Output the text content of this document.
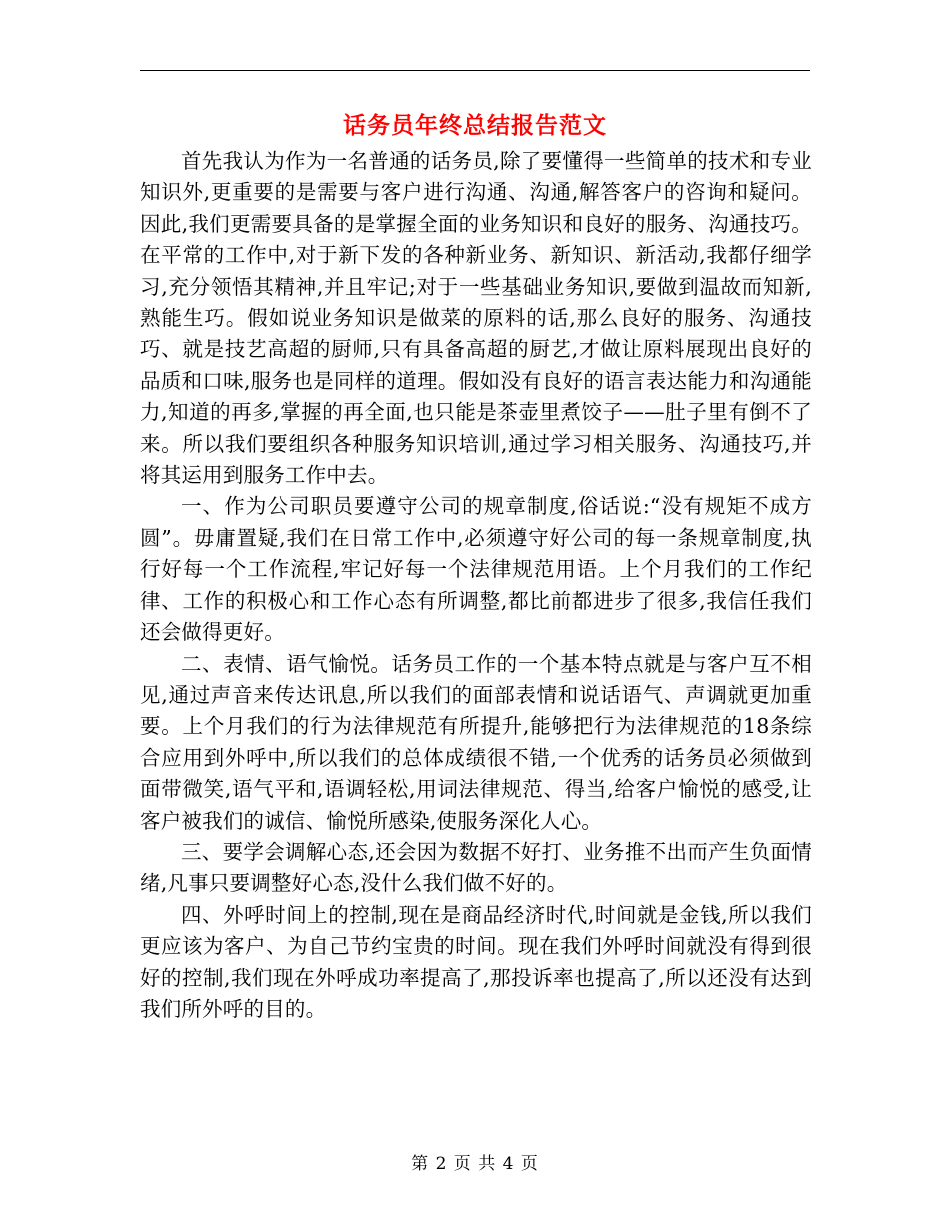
话务员年终总结报告范文

首先我认为作为一名普通的话务员,除了要懂得一些简单的技术和专业知识外,更重要的是需要与客户进行沟通、沟通,解答客户的咨询和疑问。因此,我们更需要具备的是掌握全面的业务知识和良好的服务、沟通技巧。在平常的工作中,对于新下发的各种新业务、新知识、新活动,我都仔细学习,充分领悟其精神,并且牢记;对于一些基础业务知识,要做到温故而知新,熟能生巧。假如说业务知识是做菜的原料的话,那么良好的服务、沟通技巧、就是技艺高超的厨师,只有具备高超的厨艺,才做让原料展现出良好的品质和口味,服务也是同样的道理。假如没有良好的语言表达能力和沟通能力,知道的再多,掌握的再全面,也只能是茶壶里煮饺子——肚子里有倒不了来。所以我们要组织各种服务知识培训,通过学习相关服务、沟通技巧,并将其运用到服务工作中去。

一、作为公司职员要遵守公司的规章制度,俗话说:“没有规矩不成方圆”。毋庸置疑,我们在日常工作中,必须遵守好公司的每一条规章制度,执行好每一个工作流程,牢记好每一个法律规范用语。上个月我们的工作纪律、工作的积极心和工作心态有所调整,都比前都进步了很多,我信任我们还会做得更好。

二、表情、语气愉悦。话务员工作的一个基本特点就是与客户互不相见,通过声音来传达讯息,所以我们的面部表情和说话语气、声调就更加重要。上个月我们的行为法律规范有所提升,能够把行为法律规范的18条综合应用到外呼中,所以我们的总体成绩很不错,一个优秀的话务员必须做到面带微笑,语气平和,语调轻松,用词法律规范、得当,给客户愉悦的感受,让客户被我们的诚信、愉悦所感染,使服务深化人心。

三、要学会调解心态,还会因为数据不好打、业务推不出而产生负面情绪,凡事只要调整好心态,没什么我们做不好的。

四、外呼时间上的控制,现在是商品经济时代,时间就是金钱,所以我们更应该为客户、为自己节约宝贵的时间。现在我们外呼时间就没有得到很好的控制,我们现在外呼成功率提高了,那投诉率也提高了,所以还没有达到我们所外呼的目的。

第 2 页 共 4 页
